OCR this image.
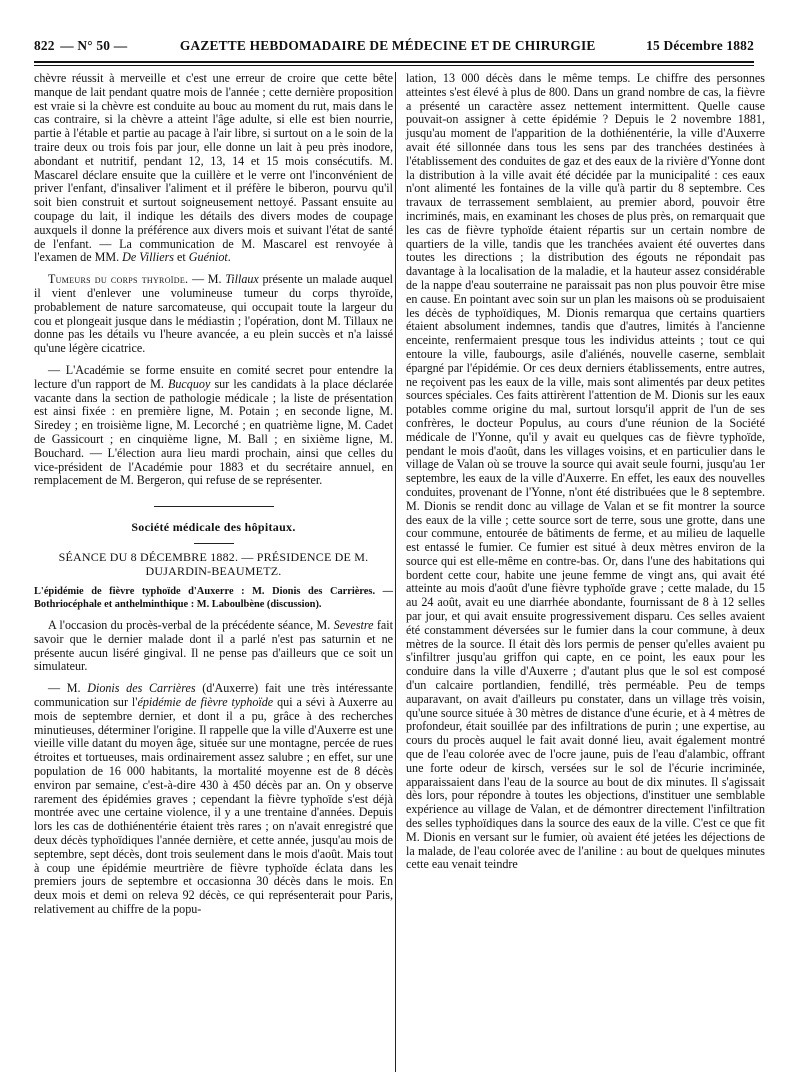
822 — N° 50 —	GAZETTE HEBDOMADAIRE DE MÉDECINE ET DE CHIRURGIE	15 Décembre 1882

chèvre réussit à merveille et c'est une erreur de croire que cette bête manque de lait pendant quatre mois de l'année ; cette dernière proposition est vraie si la chèvre est conduite au bouc au moment du rut, mais dans le cas contraire, si la chèvre a atteint l'âge adulte, si elle est bien nourrie, partie à l'étable et partie au pacage à l'air libre, si surtout on a le soin de la traire deux ou trois fois par jour, elle donne un lait à peu près inodore, abondant et nutritif, pendant 12, 13, 14 et 15 mois consécutifs. M. Mascarel déclare ensuite que la cuillère et le verre ont l'inconvénient de priver l'enfant, d'insaliver l'aliment et il préfère le biberon, pourvu qu'il soit bien construit et surtout soigneusement nettoyé. Passant ensuite au coupage du lait, il indique les détails des divers modes de coupage auxquels il donne la préférence aux divers mois et suivant l'état de santé de l'enfant. — La communication de M. Mascarel est renvoyée à l'examen de MM. De Villiers et Guéniot.

Tumeurs du corps thyroïde. — M. Tillaux présente un malade auquel il vient d'enlever une volumineuse tumeur du corps thyroïde, probablement de nature sarcomateuse, qui occupait toute la largeur du cou et plongeait jusque dans le médiastin ; l'opération, dont M. Tillaux ne donne pas les détails vu l'heure avancée, a eu plein succès et n'a laissé qu'une légère cicatrice.

— L'Académie se forme ensuite en comité secret pour entendre la lecture d'un rapport de M. Bucquoy sur les candidats à la place déclarée vacante dans la section de pathologie médicale ; la liste de présentation est ainsi fixée : en première ligne, M. Potain ; en seconde ligne, M. Siredey ; en troisième ligne, M. Lecorché ; en quatrième ligne, M. Cadet de Gassicourt ; en cinquième ligne, M. Ball ; en sixième ligne, M. Bouchard. — L'élection aura lieu mardi prochain, ainsi que celles du vice-président de l'Académie pour 1883 et du secrétaire annuel, en remplacement de M. Bergeron, qui refuse de se représenter.

Société médicale des hôpitaux.
SÉANCE DU 8 DÉCEMBRE 1882. — PRÉSIDENCE DE M. DUJARDIN-BEAUMETZ.
L'épidémie de fièvre typhoïde d'Auxerre : M. Dionis des Carrières. — Bothriocéphale et anthelminthique : M. Laboulbène (discussion).

A l'occasion du procès-verbal de la précédente séance, M. Sevestre fait savoir que le dernier malade dont il a parlé n'est pas saturnin et ne présente aucun liséré gingival. Il ne pense pas d'ailleurs que ce soit un simulateur.

— M. Dionis des Carrières (d'Auxerre) fait une très intéressante communication sur l'épidémie de fièvre typhoïde qui a sévi à Auxerre au mois de septembre dernier, et dont il a pu, grâce à des recherches minutieuses, déterminer l'origine. Il rappelle que la ville d'Auxerre est une vieille ville datant du moyen âge, située sur une montagne, percée de rues étroites et tortueuses, mais ordinairement assez salubre ; en effet, sur une population de 16 000 habitants, la mortalité moyenne est de 8 décès environ par semaine, c'est-à-dire 430 à 450 décès par an. On y observe rarement des épidémies graves ; cependant la fièvre typhoïde s'est déjà montrée avec une certaine violence, il y a une trentaine d'années. Depuis lors les cas de dothiénentérie étaient très rares ; on n'avait enregistré que deux décès typhoïdiques l'année dernière, et cette année, jusqu'au mois de septembre, sept décès, dont trois seulement dans le mois d'août. Mais tout à coup une épidémie meurtrière de fièvre typhoïde éclata dans les premiers jours de septembre et occasionna 30 décès dans le mois. En deux mois et demi on releva 92 décès, ce qui représenterait pour Paris, relativement au chiffre de la popu-

lation, 13 000 décès dans le même temps. Le chiffre des personnes atteintes s'est élevé à plus de 800. Dans un grand nombre de cas, la fièvre a présenté un caractère assez nettement intermittent. Quelle cause pouvait-on assigner à cette épidémie ? Depuis le 2 novembre 1881, jusqu'au moment de l'apparition de la dothiénentérie, la ville d'Auxerre avait été sillonnée dans tous les sens par des tranchées destinées à l'établissement des conduites de gaz et des eaux de la rivière d'Yonne dont la distribution à la ville avait été décidée par la municipalité : ces eaux n'ont alimenté les fontaines de la ville qu'à partir du 8 septembre. Ces travaux de terrassement semblaient, au premier abord, pouvoir être incriminés, mais, en examinant les choses de plus près, on remarquait que les cas de fièvre typhoïde étaient répartis sur un certain nombre de quartiers de la ville, tandis que les tranchées avaient été ouvertes dans toutes les directions ; la distribution des égouts ne répondait pas davantage à la localisation de la maladie, et la hauteur assez considérable de la nappe d'eau souterraine ne paraissait pas non plus pouvoir être mise en cause. En pointant avec soin sur un plan les maisons où se produisaient les décès de typhoïdiques, M. Dionis remarqua que certains quartiers étaient absolument indemnes, tandis que d'autres, limités à l'ancienne enceinte, renfermaient presque tous les individus atteints ; tout ce qui entoure la ville, faubourgs, asile d'aliénés, nouvelle caserne, semblait épargné par l'épidémie. Or ces deux derniers établissements, entre autres, ne reçoivent pas les eaux de la ville, mais sont alimentés par deux petites sources spéciales. Ces faits attirèrent l'attention de M. Dionis sur les eaux potables comme origine du mal, surtout lorsqu'il apprit de l'un de ses confrères, le docteur Populus, au cours d'une réunion de la Société médicale de l'Yonne, qu'il y avait eu quelques cas de fièvre typhoïde, pendant le mois d'août, dans les villages voisins, et en particulier dans le village de Valan où se trouve la source qui avait seule fourni, jusqu'au 1er septembre, les eaux de la ville d'Auxerre. En effet, les eaux des nouvelles conduites, provenant de l'Yonne, n'ont été distribuées que le 8 septembre. M. Dionis se rendit donc au village de Valan et se fit montrer la source des eaux de la ville ; cette source sort de terre, sous une grotte, dans une cour commune, entourée de bâtiments de ferme, et au milieu de laquelle est entassé le fumier. Ce fumier est situé à deux mètres environ de la source qui est elle-même en contre-bas. Or, dans l'une des habitations qui bordent cette cour, habite une jeune femme de vingt ans, qui avait été atteinte au mois d'août d'une fièvre typhoïde grave ; cette malade, du 15 au 24 août, avait eu une diarrhée abondante, fournissant de 8 à 12 selles par jour, et qui avait ensuite progressivement disparu. Ces selles avaient été constamment déversées sur le fumier dans la cour commune, à deux mètres de la source. Il était dès lors permis de penser qu'elles avaient pu s'infiltrer jusqu'au griffon qui capte, en ce point, les eaux pour les conduire dans la ville d'Auxerre ; d'autant plus que le sol est composé d'un calcaire portlandien, fendillé, très perméable. Peu de temps auparavant, on avait d'ailleurs pu constater, dans un village très voisin, qu'une source située à 30 mètres de distance d'une écurie, et à 4 mètres de profondeur, était souillée par des infiltrations de purin ; une expertise, au cours du procès auquel le fait avait donné lieu, avait également montré que de l'eau colorée avec de l'ocre jaune, puis de l'eau d'alambic, offrant une forte odeur de kirsch, versées sur le sol de l'écurie incriminée, apparaissaient dans l'eau de la source au bout de dix minutes. Il s'agissait dès lors, pour répondre à toutes les objections, d'instituer une semblable expérience au village de Valan, et de démontrer directement l'infiltration des selles typhoïdiques dans la source des eaux de la ville. C'est ce que fit M. Dionis en versant sur le fumier, où avaient été jetées les déjections de la malade, de l'eau colorée avec de l'aniline : au bout de quelques minutes cette eau venait teindre
